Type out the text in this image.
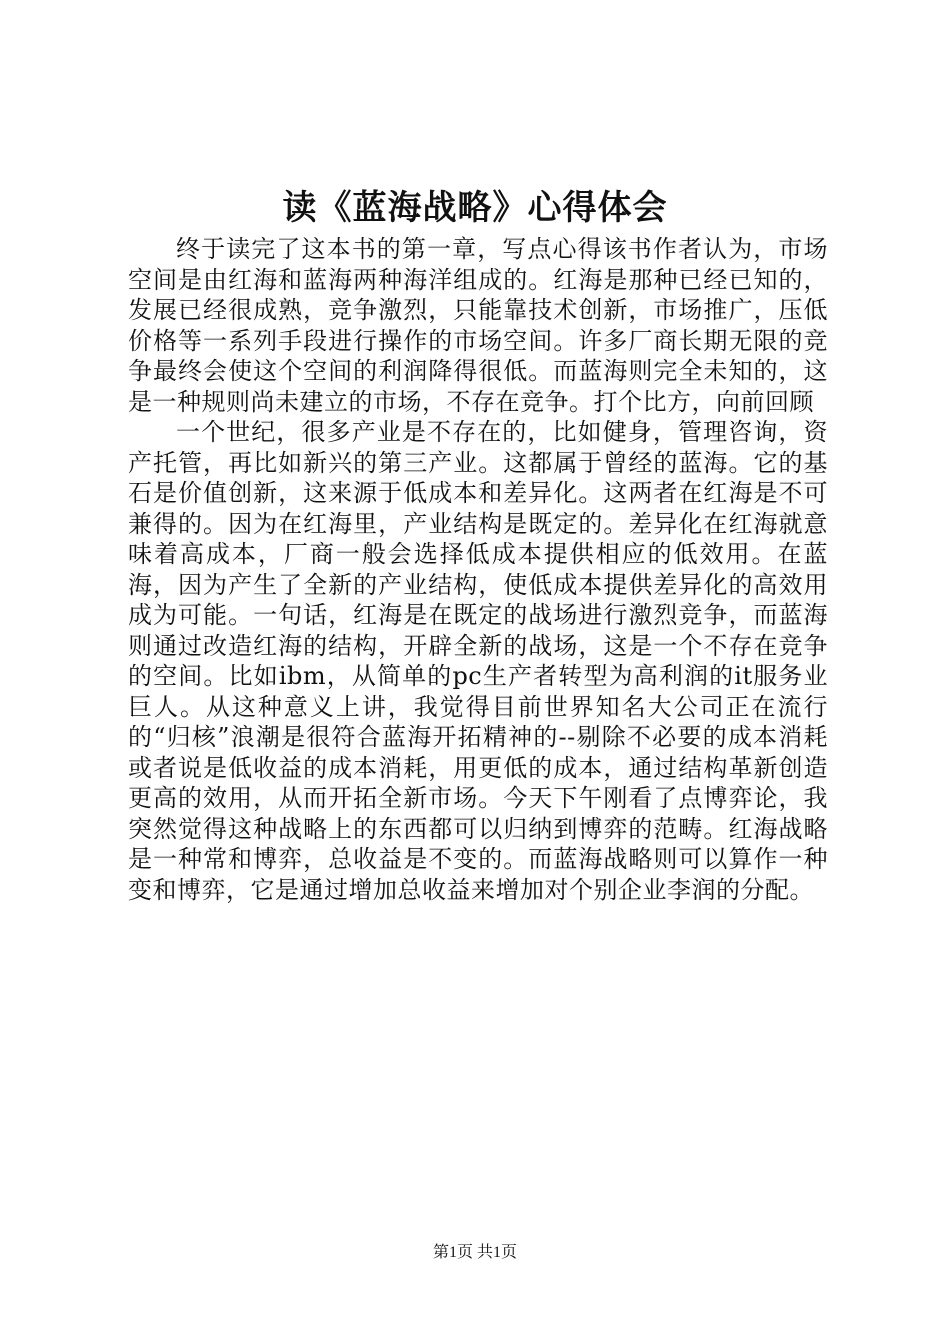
读《蓝海战略》心得体会

终于读完了这本书的第一章，写点心得该书作者认为，市场空间是由红海和蓝海两种海洋组成的。红海是那种已经已知的，发展已经很成熟，竞争激烈，只能靠技术创新，市场推广，压低价格等一系列手段进行操作的市场空间。许多厂商长期无限的竞争最终会使这个空间的利润降得很低。而蓝海则完全未知的，这是一种规则尚未建立的市场，不存在竞争。打个比方，向前回顾

一个世纪，很多产业是不存在的，比如健身，管理咨询，资产托管，再比如新兴的第三产业。这都属于曾经的蓝海。它的基石是价值创新，这来源于低成本和差异化。这两者在红海是不可兼得的。因为在红海里，产业结构是既定的。差异化在红海就意味着高成本，厂商一般会选择低成本提供相应的低效用。在蓝海，因为产生了全新的产业结构，使低成本提供差异化的高效用成为可能。一句话，红海是在既定的战场进行激烈竞争，而蓝海则通过改造红海的结构，开辟全新的战场，这是一个不存在竞争的空间。比如ibm，从简单的pc生产者转型为高利润的it服务业巨人。从这种意义上讲，我觉得目前世界知名大公司正在流行的“归核”浪潮是很符合蓝海开拓精神的--剔除不必要的成本消耗或者说是低收益的成本消耗，用更低的成本，通过结构革新创造更高的效用，从而开拓全新市场。今天下午刚看了点博弈论，我突然觉得这种战略上的东西都可以归纳到博弈的范畴。红海战略是一种常和博弈，总收益是不变的。而蓝海战略则可以算作一种变和博弈，它是通过增加总收益来增加对个别企业李润的分配。

第1页 共1页
